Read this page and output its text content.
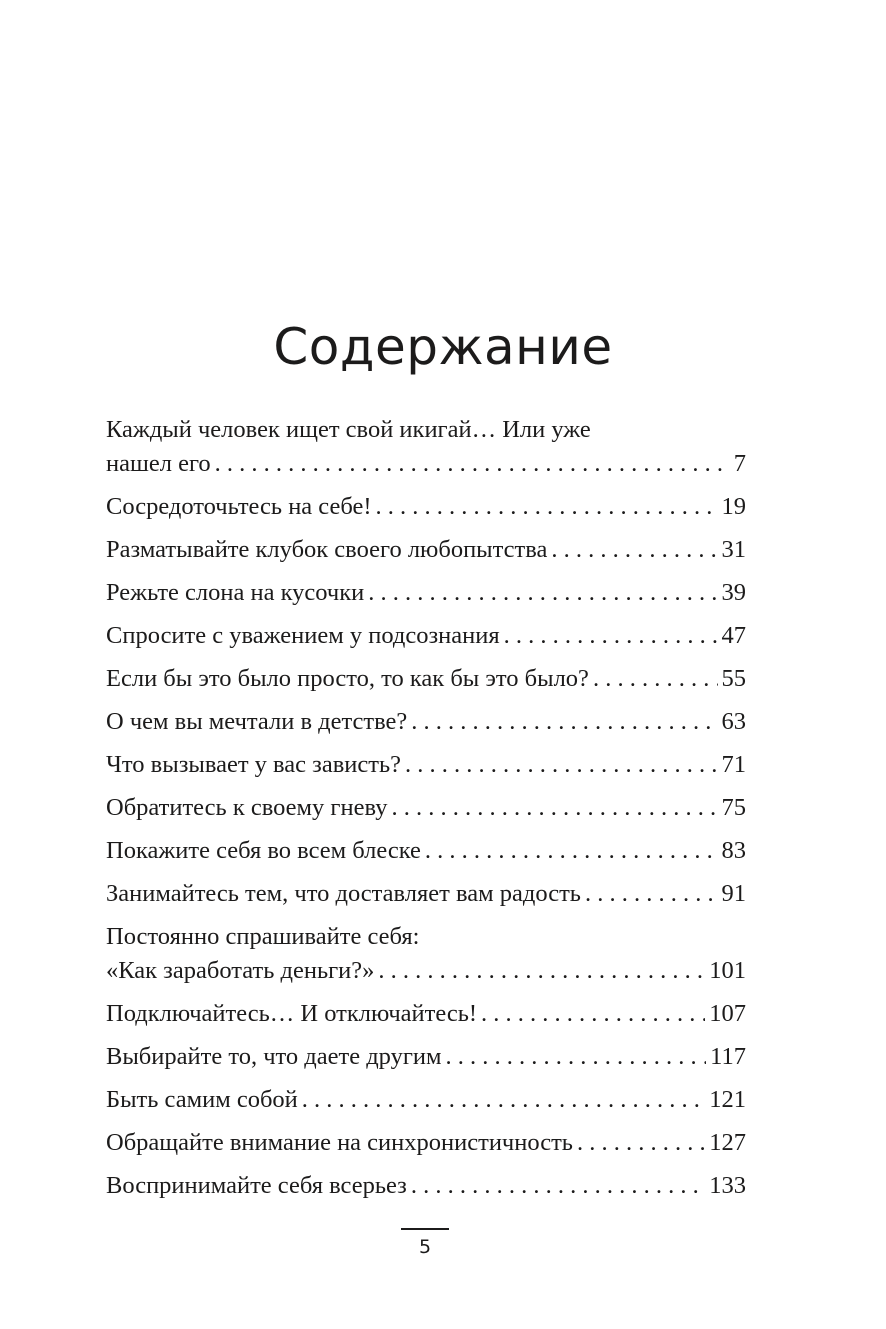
Содержание
Каждый человек ищет свой икигай… Или уже
нашел его . . .	7
Сосредоточьтесь на себе! . . .	19
Разматывайте клубок своего любопытства . . .	31
Режьте слона на кусочки . . .	39
Спросите с уважением у подсознания . . .	47
Если бы это было просто, то как бы это было? . . .	55
О чем вы мечтали в детстве? . . .	63
Что вызывает у вас зависть? . . .	71
Обратитесь к своему гневу . . .	75
Покажите себя во всем блеске . . .	83
Занимайтесь тем, что доставляет вам радость . . .	91
Постоянно спрашивайте себя:
«Как заработать деньги?» . . .	101
Подключайтесь… И отключайтесь! . . .	107
Выбирайте то, что даете другим . . .	117
Быть самим собой . . .	121
Обращайте внимание на синхронистичность . . .	127
Воспринимайте себя всерьез . . .	133
5
